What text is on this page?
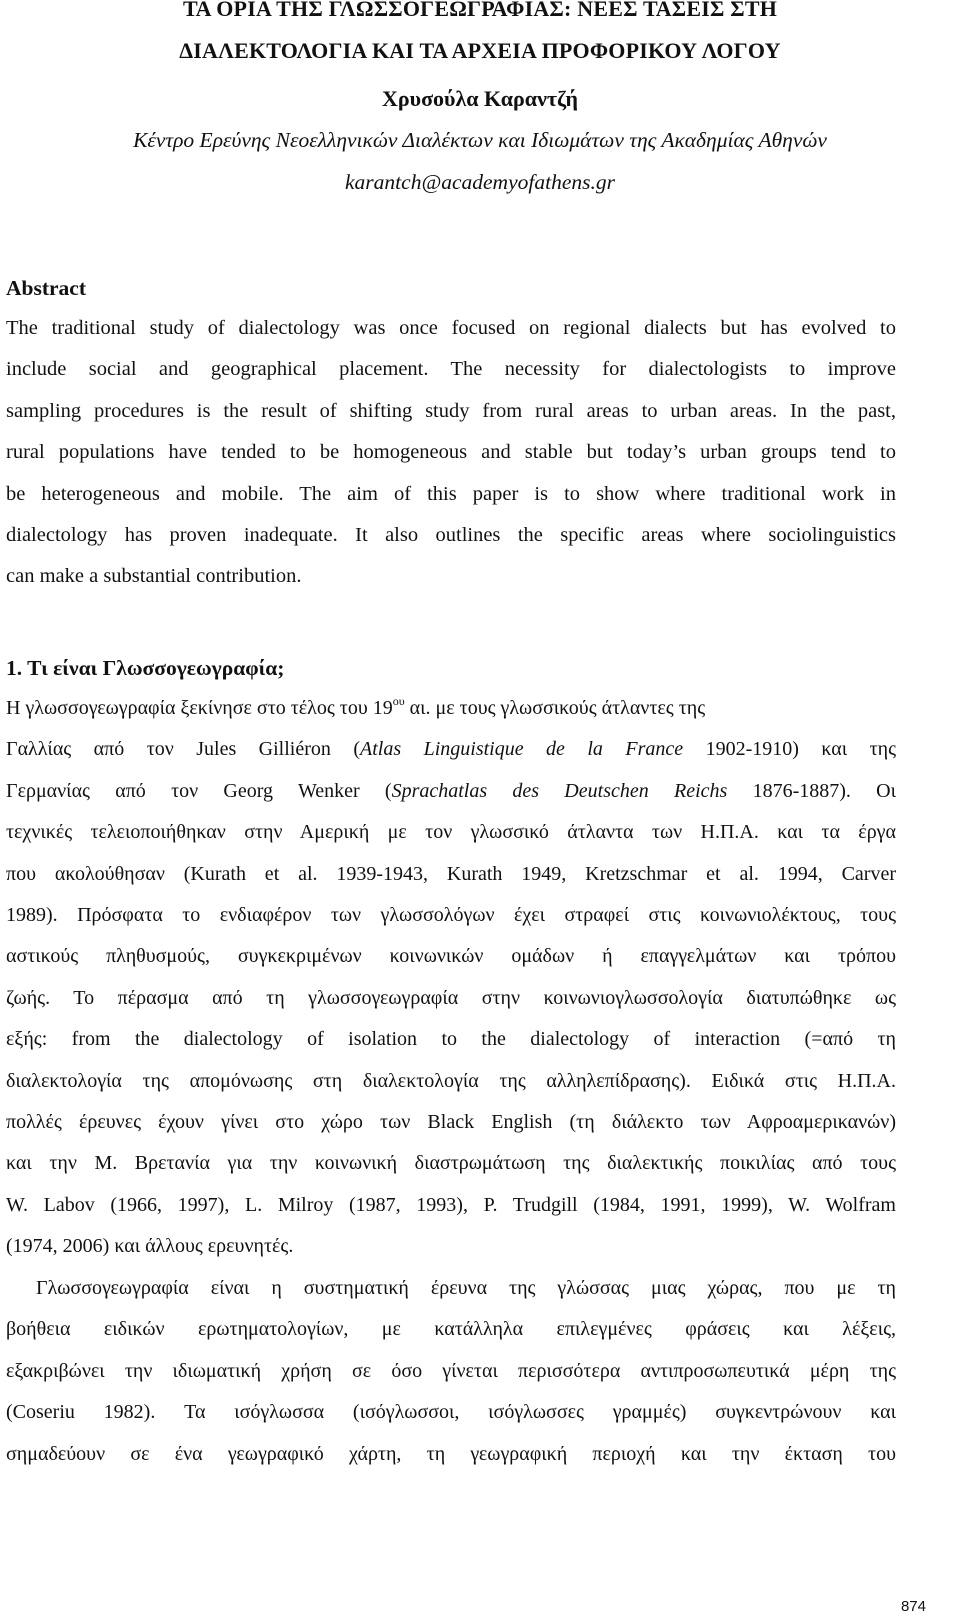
ΤΑ ΟΡΙΑ ΤΗΣ ΓΛΩΣΣΟΓΕΩΓΡΑΦΙΑΣ: ΝΕΕΣ ΤΑΣΕΙΣ ΣΤΗ
ΔΙΑΛΕΚΤΟΛΟΓΙΑ ΚΑΙ ΤΑ ΑΡΧΕΙΑ ΠΡΟΦΟΡΙΚΟΥ ΛΟΓΟΥ
Χρυσούλα Καραντζή
Κέντρο Ερεύνης Νεοελληνικών Διαλέκτων και Ιδιωμάτων της Ακαδημίας Αθηνών
karantch@academyofathens.gr
Abstract
The traditional study of dialectology was once focused on regional dialects but has evolved to
include social and geographical placement. The necessity for dialectologists to improve
sampling procedures is the result of shifting study from rural areas to urban areas. In the past,
rural populations have tended to be homogeneous and stable but today’s urban groups tend to
be heterogeneous and mobile. The aim of this paper is to show where traditional work in
dialectology has proven inadequate. It also outlines the specific areas where sociolinguistics
can make a substantial contribution.
1. Τι είναι Γλωσσογεωγραφία;
Η γλωσσογεωγραφία ξεκίνησε στο τέλος του $19^{o\upsilon}$ αι. με τους γλωσσικούς άτλαντες της
Γαλλίας από τον Jules Gilliéron (Atlas Linguistique de la France 1902-1910) και της
Γερμανίας από τον Georg Wenker (Sprachatlas des Deutschen Reichs 1876-1887). Οι
τεχνικές τελειοποιήθηκαν στην Αμερική με τον γλωσσικό άτλαντα των Η.Π.Α. και τα έργα
που ακολούθησαν (Kurath et al. 1939-1943, Kurath 1949, Kretzschmar et al. 1994, Carver
1989). Πρόσφατα το ενδιαφέρον των γλωσσολόγων έχει στραφεί στις κοινωνιολέκτους, τους
αστικούς πληθυσμούς, συγκεκριμένων κοινωνικών ομάδων ή επαγγελμάτων και τρόπου
ζωής. Το πέρασμα από τη γλωσσογεωγραφία στην κοινωνιογλωσσολογία διατυπώθηκε ως
εξής: from the dialectology of isolation to the dialectology of interaction (=από τη
διαλεκτολογία της απομόνωσης στη διαλεκτολογία της αλληλεπίδρασης). Ειδικά στις Η.Π.Α.
πολλές έρευνες έχουν γίνει στο χώρο των Black English (τη διάλεκτο των Αφροαμερικανών)
και την Μ. Βρετανία για την κοινωνική διαστρωμάτωση της διαλεκτικής ποικιλίας από τους
W. Labov (1966, 1997), L. Milroy (1987, 1993), P. Trudgill (1984, 1991, 1999), W. Wolfram
(1974, 2006) και άλλους ερευνητές.
Γλωσσογεωγραφία είναι η συστηματική έρευνα της γλώσσας μιας χώρας, που με τη
βοήθεια ειδικών ερωτηματολογίων, με κατάλληλα επιλεγμένες φράσεις και λέξεις,
εξακριβώνει την ιδιωματική χρήση σε όσο γίνεται περισσότερα αντιπροσωπευτικά μέρη της
(Coseriu 1982). Τα ισόγλωσσα (ισόγλωσσοι, ισόγλωσσες γραμμές) συγκεντρώνουν και
σημαδεύουν σε ένα γεωγραφικό χάρτη, τη γεωγραφική περιοχή και την έκταση του
874
